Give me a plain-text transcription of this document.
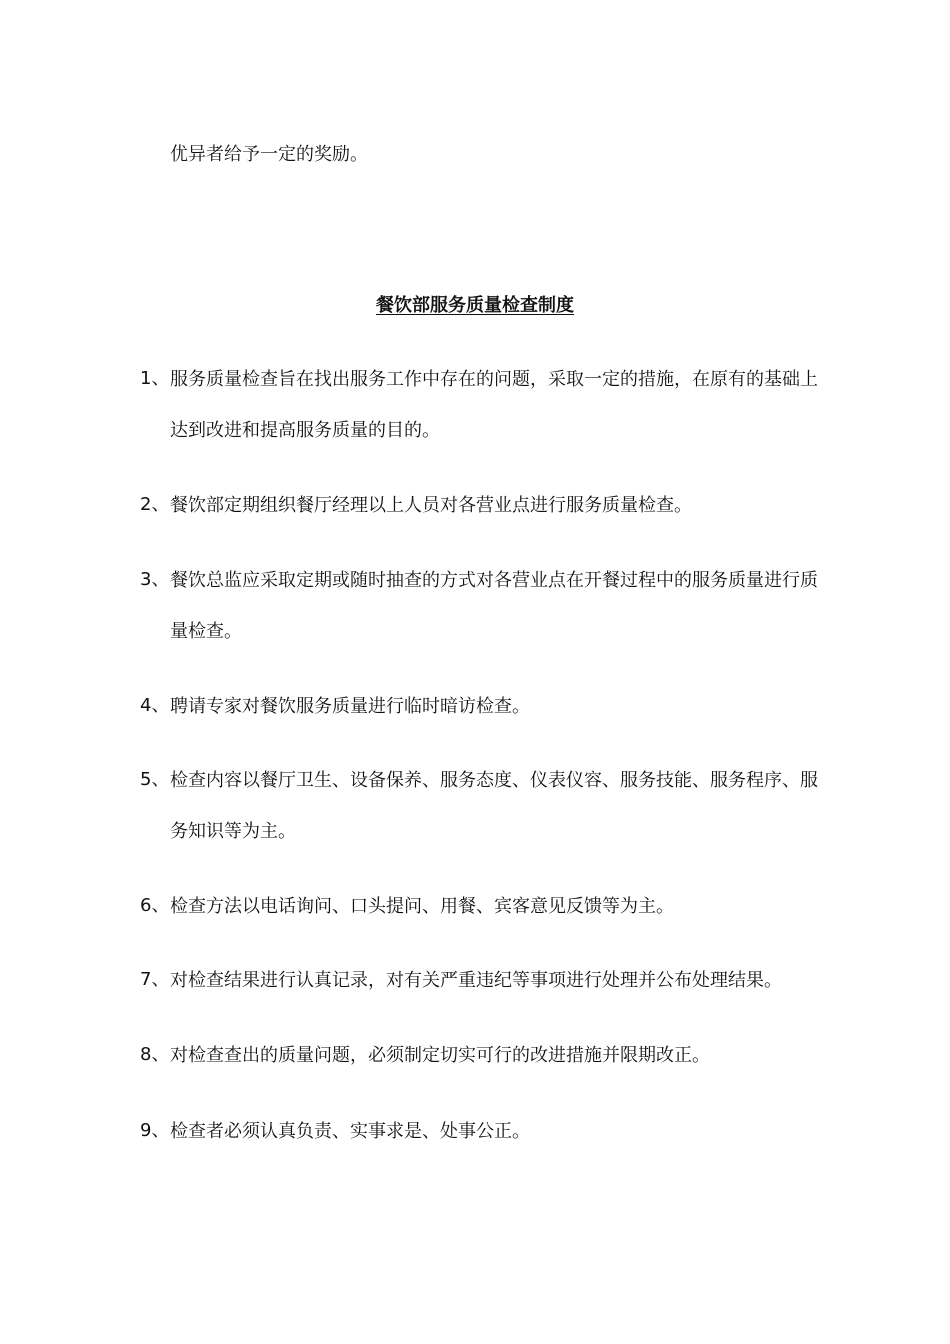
优异者给予一定的奖励。
餐饮部服务质量检查制度
1、 服务质量检查旨在找出服务工作中存在的问题，采取一定的措施，在原有的基础上达到改进和提高服务质量的目的。
2、 餐饮部定期组织餐厅经理以上人员对各营业点进行服务质量检查。
3、 餐饮总监应采取定期或随时抽查的方式对各营业点在开餐过程中的服务质量进行质量检查。
4、 聘请专家对餐饮服务质量进行临时暗访检查。
5、 检查内容以餐厅卫生、设备保养、服务态度、仪表仪容、服务技能、服务程序、服务知识等为主。
6、 检查方法以电话询问、口头提问、用餐、宾客意见反馈等为主。
7、 对检查结果进行认真记录，对有关严重违纪等事项进行处理并公布处理结果。
8、 对检查查出的质量问题，必须制定切实可行的改进措施并限期改正。
9、 检查者必须认真负责、实事求是、处事公正。
